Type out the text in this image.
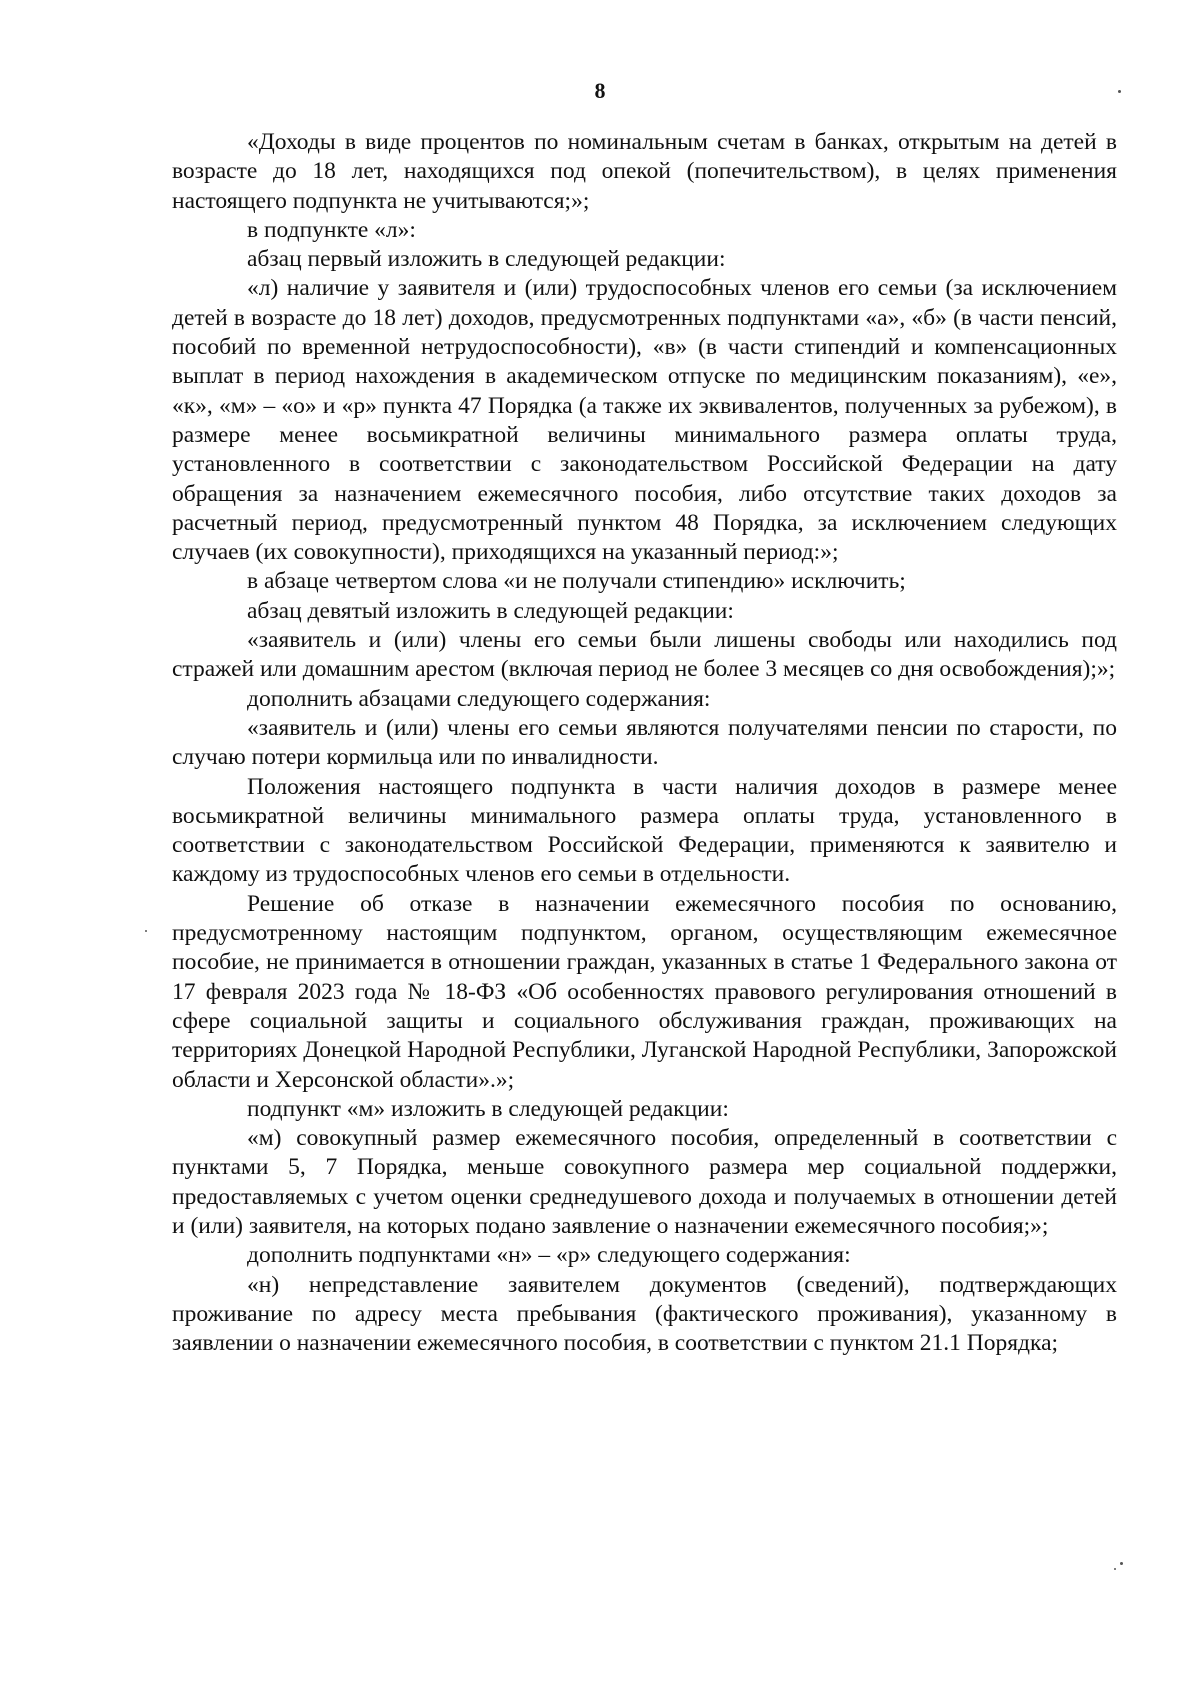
8

«Доходы в виде процентов по номинальным счетам в банках, открытым на детей в возрасте до 18 лет, находящихся под опекой (попечительством), в целях применения настоящего подпункта не учитываются;»;

в подпункте «л»:

абзац первый изложить в следующей редакции:

«л) наличие у заявителя и (или) трудоспособных членов его семьи (за исключением детей в возрасте до 18 лет) доходов, предусмотренных подпунктами «а», «б» (в части пенсий, пособий по временной нетрудоспособности), «в» (в части стипендий и компенсационных выплат в период нахождения в академическом отпуске по медицинским показаниям), «е», «к», «м» – «о» и «р» пункта 47 Порядка (а также их эквивалентов, полученных за рубежом), в размере менее восьмикратной величины минимального размера оплаты труда, установленного в соответствии с законодательством Российской Федерации на дату обращения за назначением ежемесячного пособия, либо отсутствие таких доходов за расчетный период, предусмотренный пунктом 48 Порядка, за исключением следующих случаев (их совокупности), приходящихся на указанный период:»;

в абзаце четвертом слова «и не получали стипендию» исключить;

абзац девятый изложить в следующей редакции:

«заявитель и (или) члены его семьи были лишены свободы или находились под стражей или домашним арестом (включая период не более 3 месяцев со дня освобождения);»;

дополнить абзацами следующего содержания:

«заявитель и (или) члены его семьи являются получателями пенсии по старости, по случаю потери кормильца или по инвалидности.

Положения настоящего подпункта в части наличия доходов в размере менее восьмикратной величины минимального размера оплаты труда, установленного в соответствии с законодательством Российской Федерации, применяются к заявителю и каждому из трудоспособных членов его семьи в отдельности.

Решение об отказе в назначении ежемесячного пособия по основанию, предусмотренному настоящим подпунктом, органом, осуществляющим ежемесячное пособие, не принимается в отношении граждан, указанных в статье 1 Федерального закона от 17 февраля 2023 года № 18-ФЗ «Об особенностях правового регулирования отношений в сфере социальной защиты и социального обслуживания граждан, проживающих на территориях Донецкой Народной Республики, Луганской Народной Республики, Запорожской области и Херсонской области».»;

подпункт «м» изложить в следующей редакции:

«м) совокупный размер ежемесячного пособия, определенный в соответствии с пунктами 5, 7 Порядка, меньше совокупного размера мер социальной поддержки, предоставляемых с учетом оценки среднедушевого дохода и получаемых в отношении детей и (или) заявителя, на которых подано заявление о назначении ежемесячного пособия;»;

дополнить подпунктами «н» – «р» следующего содержания:

«н) непредставление заявителем документов (сведений), подтверждающих проживание по адресу места пребывания (фактического проживания), указанному в заявлении о назначении ежемесячного пособия, в соответствии с пунктом 21.1 Порядка;
